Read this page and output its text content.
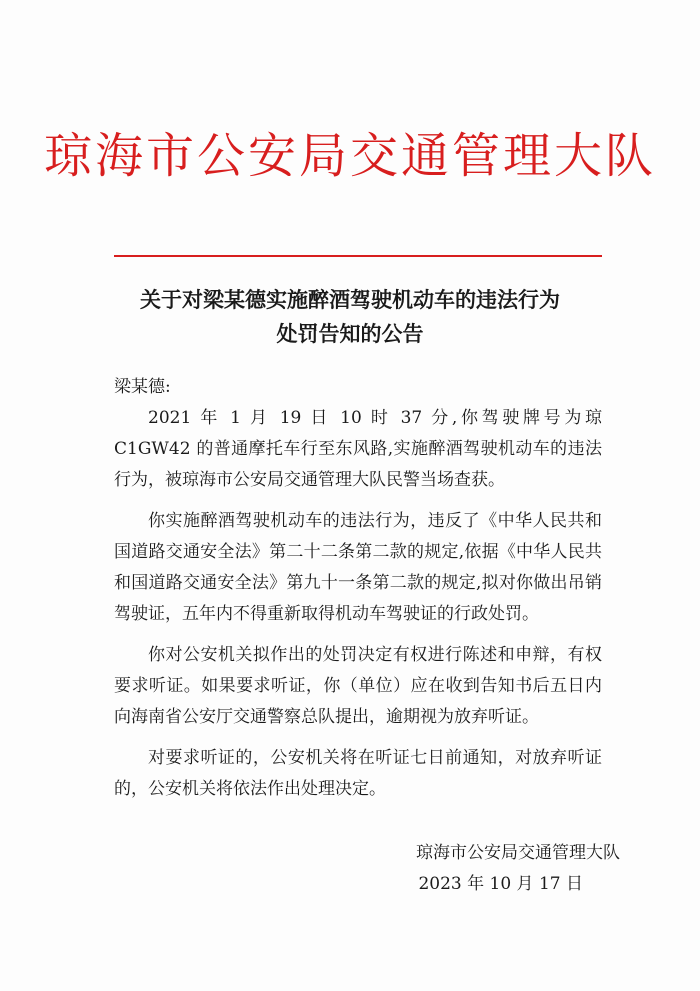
琼海市公安局交通管理大队
关于对梁某德实施醉酒驾驶机动车的违法行为
处罚告知的公告

梁某德:

2021 年 1 月 19 日 10 时 37 分,你驾驶牌号为琼 C1GW42 的普通摩托车行至东风路,实施醉酒驾驶机动车的违法行为，被琼海市公安局交通管理大队民警当场查获。

你实施醉酒驾驶机动车的违法行为，违反了《中华人民共和国道路交通安全法》第二十二条第二款的规定,依据《中华人民共和国道路交通安全法》第九十一条第二款的规定,拟对你做出吊销驾驶证，五年内不得重新取得机动车驾驶证的行政处罚。

你对公安机关拟作出的处罚决定有权进行陈述和申辩，有权要求听证。如果要求听证，你（单位）应在收到告知书后五日内向海南省公安厅交通警察总队提出，逾期视为放弃听证。

对要求听证的，公安机关将在听证七日前通知，对放弃听证的，公安机关将依法作出处理决定。

琼海市公安局交通管理大队
2023 年 10 月 17 日
